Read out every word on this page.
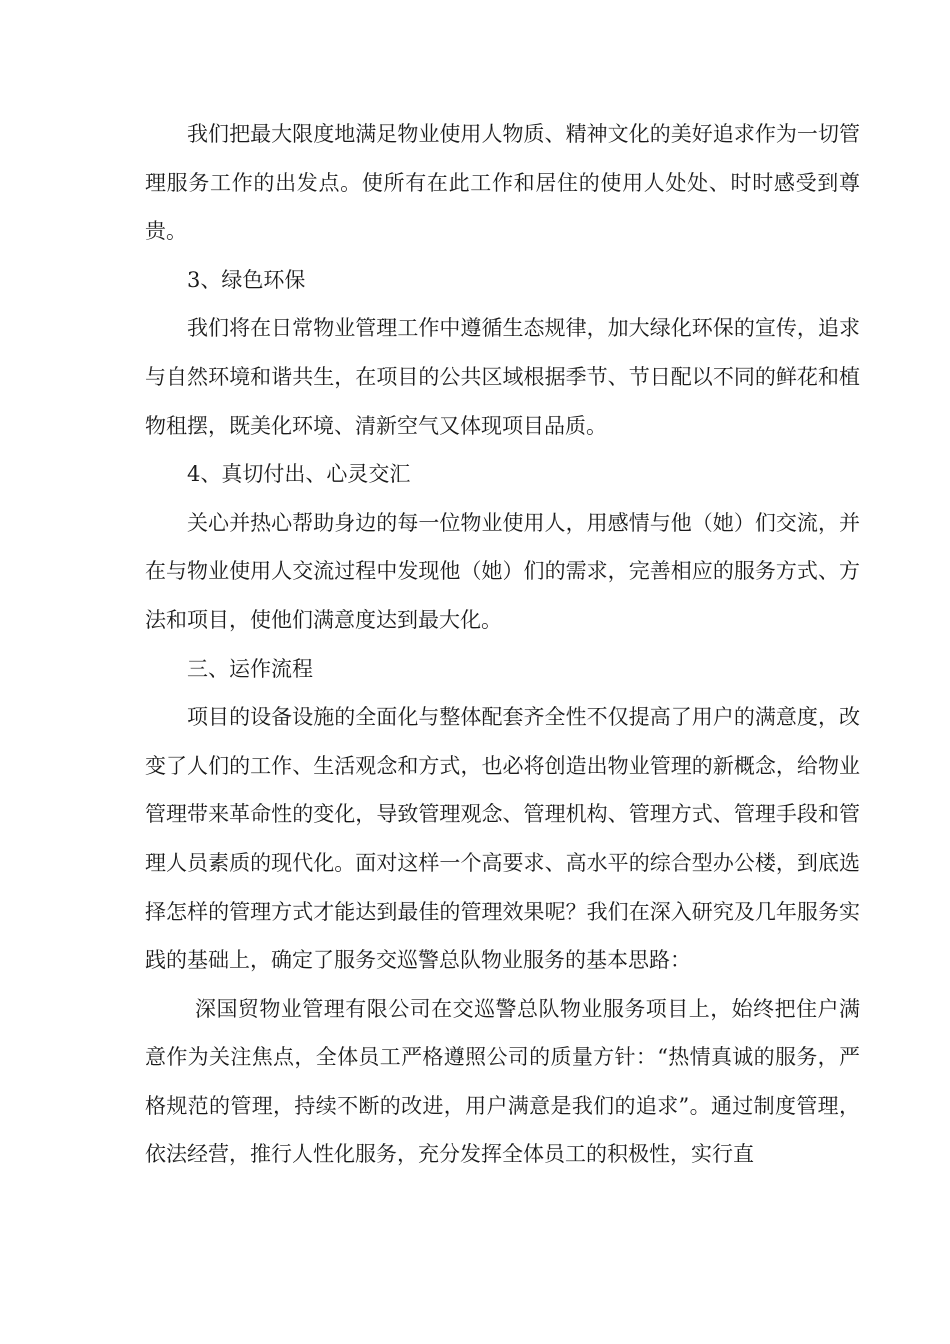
我们把最大限度地满足物业使用人物质、精神文化的美好追求作为一切管理服务工作的出发点。使所有在此工作和居住的使用人处处、时时感受到尊贵。

3、绿色环保

我们将在日常物业管理工作中遵循生态规律，加大绿化环保的宣传，追求与自然环境和谐共生，在项目的公共区域根据季节、节日配以不同的鲜花和植物租摆，既美化环境、清新空气又体现项目品质。

4、真切付出、心灵交汇

关心并热心帮助身边的每一位物业使用人，用感情与他（她）们交流，并在与物业使用人交流过程中发现他（她）们的需求，完善相应的服务方式、方法和项目，使他们满意度达到最大化。

三、运作流程

项目的设备设施的全面化与整体配套齐全性不仅提高了用户的满意度，改变了人们的工作、生活观念和方式，也必将创造出物业管理的新概念，给物业管理带来革命性的变化，导致管理观念、管理机构、管理方式、管理手段和管理人员素质的现代化。面对这样一个高要求、高水平的综合型办公楼，到底选择怎样的管理方式才能达到最佳的管理效果呢？我们在深入研究及几年服务实践的基础上，确定了服务交巡警总队物业服务的基本思路：

深国贸物业管理有限公司在交巡警总队物业服务项目上，始终把住户满意作为关注焦点，全体员工严格遵照公司的质量方针：“热情真诚的服务，严格规范的管理，持续不断的改进，用户满意是我们的追求”。通过制度管理，依法经营，推行人性化服务，充分发挥全体员工的积极性，实行直
